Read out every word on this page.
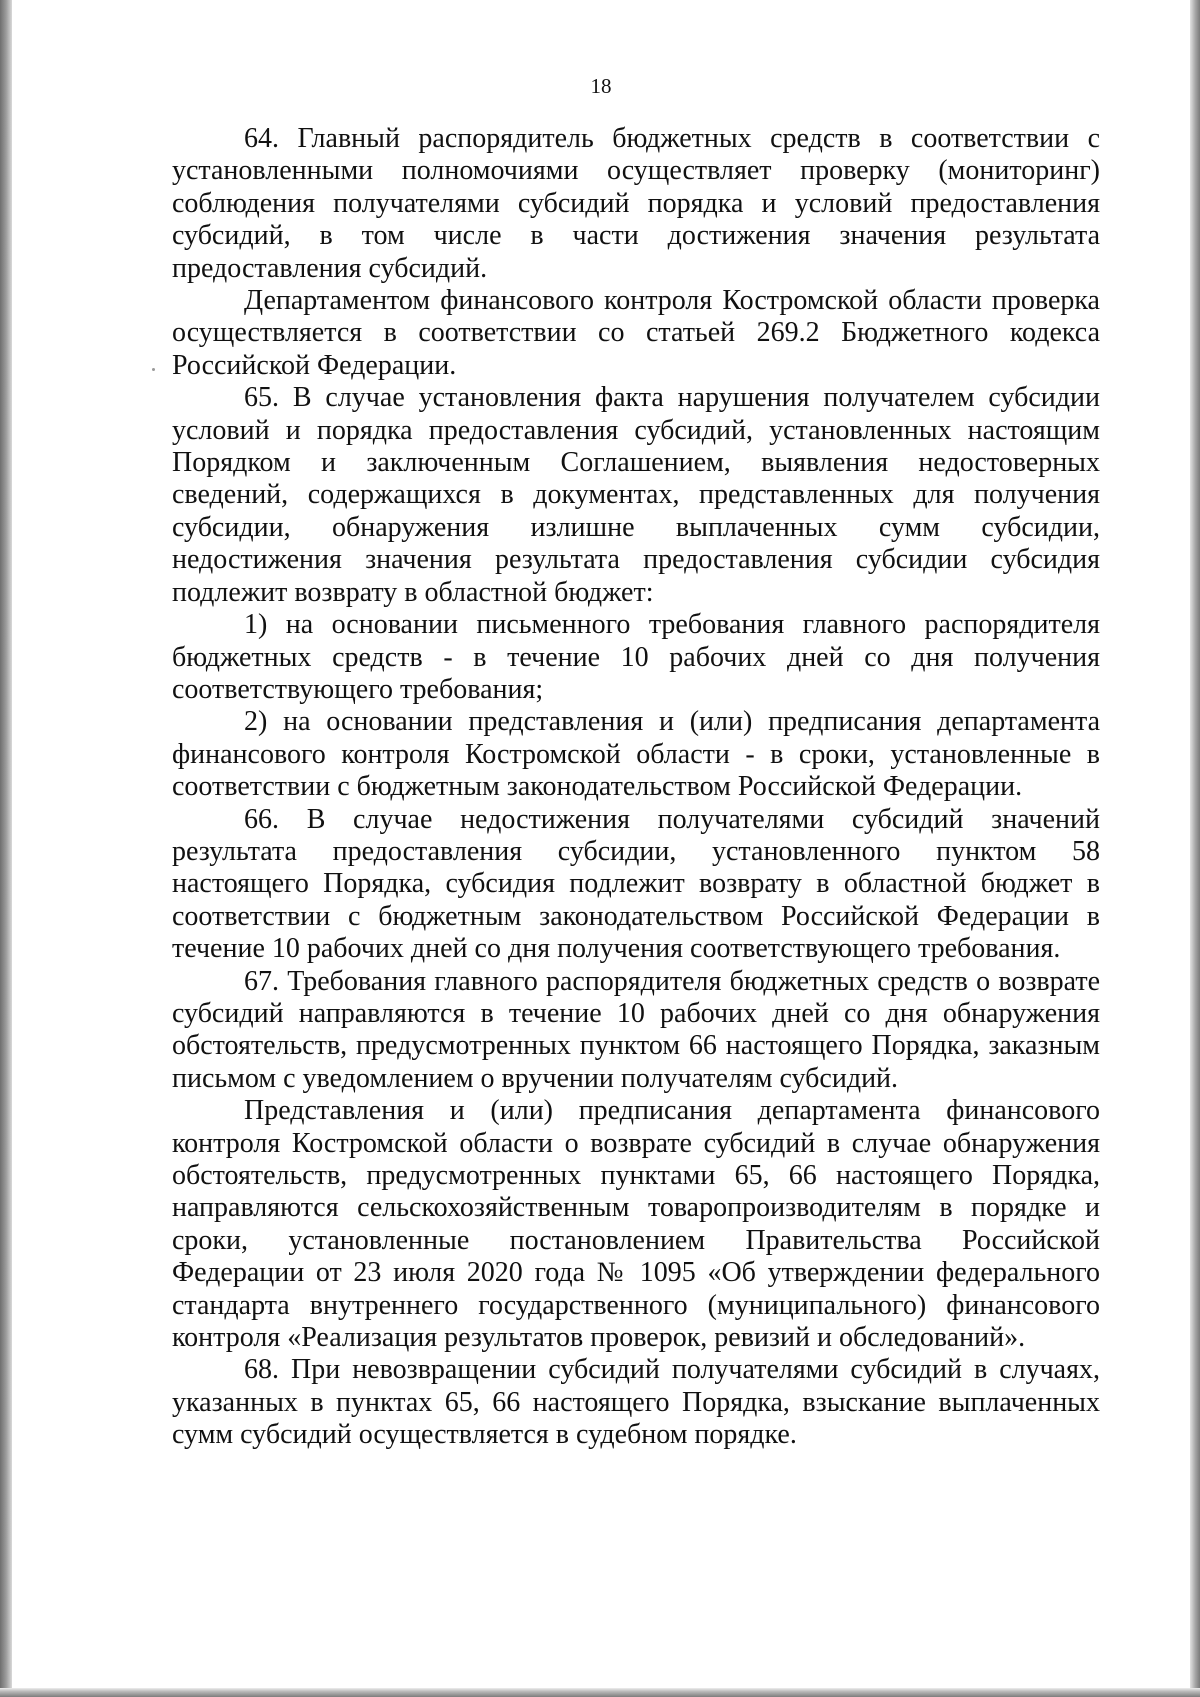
18

64. Главный распорядитель бюджетных средств в соответствии с установленными полномочиями осуществляет проверку (мониторинг) соблюдения получателями субсидий порядка и условий предоставления субсидий, в том числе в части достижения значения результата предоставления субсидий.

Департаментом финансового контроля Костромской области проверка осуществляется в соответствии со статьей 269.2 Бюджетного кодекса Российской Федерации.

65. В случае установления факта нарушения получателем субсидии условий и порядка предоставления субсидий, установленных настоящим Порядком и заключенным Соглашением, выявления недостоверных сведений, содержащихся в документах, представленных для получения субсидии, обнаружения излишне выплаченных сумм субсидии, недостижения значения результата предоставления субсидии субсидия подлежит возврату в областной бюджет:

1) на основании письменного требования главного распорядителя бюджетных средств - в течение 10 рабочих дней со дня получения соответствующего требования;

2) на основании представления и (или) предписания департамента финансового контроля Костромской области - в сроки, установленные в соответствии с бюджетным законодательством Российской Федерации.

66. В случае недостижения получателями субсидий значений результата предоставления субсидии, установленного пунктом 58 настоящего Порядка, субсидия подлежит возврату в областной бюджет в соответствии с бюджетным законодательством Российской Федерации в течение 10 рабочих дней со дня получения соответствующего требования.

67. Требования главного распорядителя бюджетных средств о возврате субсидий направляются в течение 10 рабочих дней со дня обнаружения обстоятельств, предусмотренных пунктом 66 настоящего Порядка, заказным письмом с уведомлением о вручении получателям субсидий.

Представления и (или) предписания департамента финансового контроля Костромской области о возврате субсидий в случае обнаружения обстоятельств, предусмотренных пунктами 65, 66 настоящего Порядка, направляются сельскохозяйственным товаропроизводителям в порядке и сроки, установленные постановлением Правительства Российской Федерации от 23 июля 2020 года № 1095 «Об утверждении федерального стандарта внутреннего государственного (муниципального) финансового контроля «Реализация результатов проверок, ревизий и обследований».

68. При невозвращении субсидий получателями субсидий в случаях, указанных в пунктах 65, 66 настоящего Порядка, взыскание выплаченных сумм субсидий осуществляется в судебном порядке.
